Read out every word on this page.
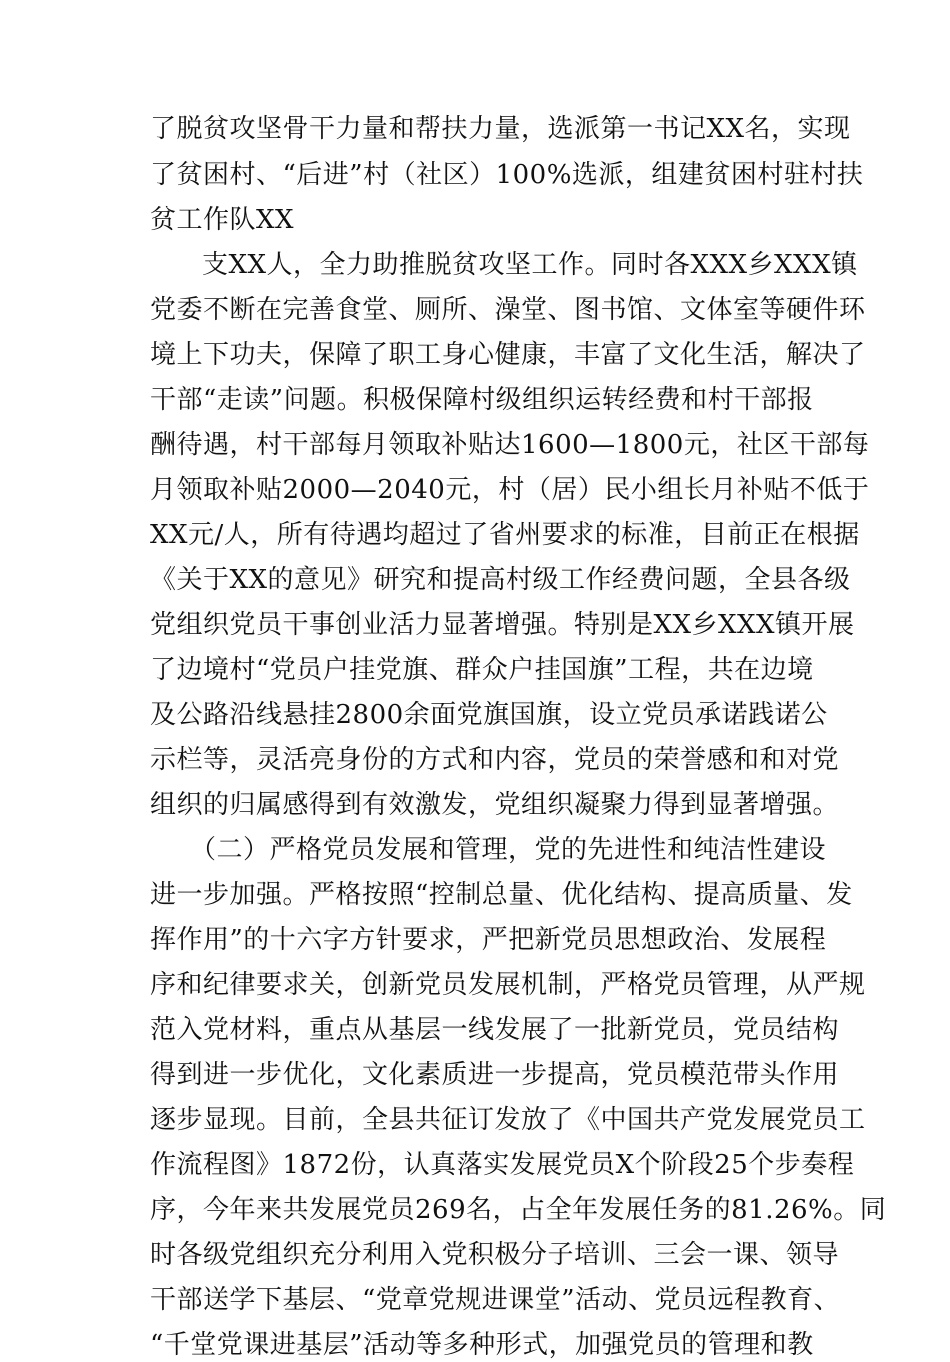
了脱贫攻坚骨干力量和帮扶力量，选派第一书记XX名，实现
了贫困村、“后进”村（社区）100%选派，组建贫困村驻村扶
贫工作队XX
支XX人，全力助推脱贫攻坚工作。同时各XXX乡XXX镇
党委不断在完善食堂、厕所、澡堂、图书馆、文体室等硬件环
境上下功夫，保障了职工身心健康，丰富了文化生活，解决了
干部“走读”问题。积极保障村级组织运转经费和村干部报
酬待遇，村干部每月领取补贴达1600—1800元，社区干部每
月领取补贴2000—2040元，村（居）民小组长月补贴不低于
XX元/人，所有待遇均超过了省州要求的标准，目前正在根据
《关于XX的意见》研究和提高村级工作经费问题，全县各级
党组织党员干事创业活力显著增强。特别是XX乡XXX镇开展
了边境村“党员户挂党旗、群众户挂国旗”工程，共在边境
及公路沿线悬挂2800余面党旗国旗，设立党员承诺践诺公
示栏等，灵活亮身份的方式和内容，党员的荣誉感和和对党
组织的归属感得到有效激发，党组织凝聚力得到显著增强。
（二）严格党员发展和管理，党的先进性和纯洁性建设
进一步加强。严格按照“控制总量、优化结构、提高质量、发
挥作用”的十六字方针要求，严把新党员思想政治、发展程
序和纪律要求关，创新党员发展机制，严格党员管理，从严规
范入党材料，重点从基层一线发展了一批新党员，党员结构
得到进一步优化，文化素质进一步提高，党员模范带头作用
逐步显现。目前，全县共征订发放了《中国共产党发展党员工
作流程图》1872份，认真落实发展党员X个阶段25个步奏程
序，今年来共发展党员269名，占全年发展任务的81.26%。同
时各级党组织充分利用入党积极分子培训、三会一课、领导
干部送学下基层、“党章党规进课堂”活动、党员远程教育、
“千堂党课进基层”活动等多种形式，加强党员的管理和教
